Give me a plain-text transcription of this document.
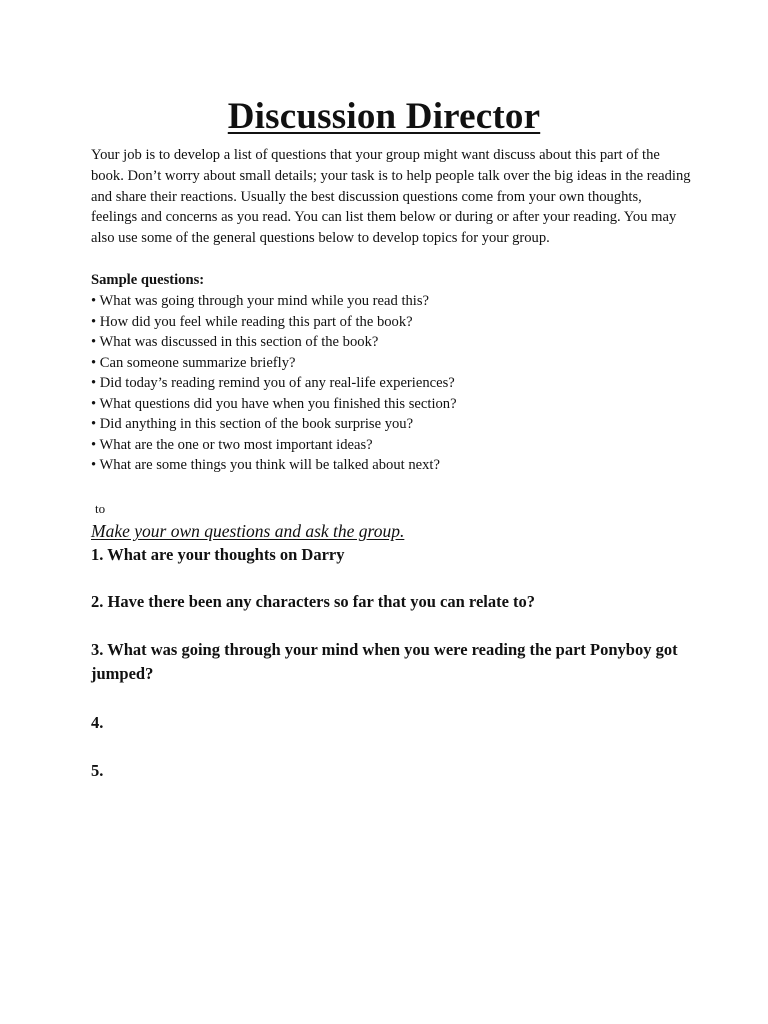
Discussion Director
Your job is to develop a list of questions that your group might want discuss about this part of the book. Don’t worry about small details; your task is to help people talk over the big ideas in the reading and share their reactions. Usually the best discussion questions come from your own thoughts, feelings and concerns as you read. You can list them below or during or after your reading. You may also use some of the general questions below to develop topics for your group.
Sample questions:
• What was going through your mind while you read this?
• How did you feel while reading this part of the book?
• What was discussed in this section of the book?
• Can someone summarize briefly?
• Did today’s reading remind you of any real-life experiences?
• What questions did you have when you finished this section?
• Did anything in this section of the book surprise you?
• What are the one or two most important ideas?
• What are some things you think will be talked about next?
to
Make your own questions and ask the group.
1. What are your thoughts on Darry
2. Have there been any characters so far that you can relate to?
3. What was going through your mind when you were reading the part Ponyboy got jumped?
4.
5.
